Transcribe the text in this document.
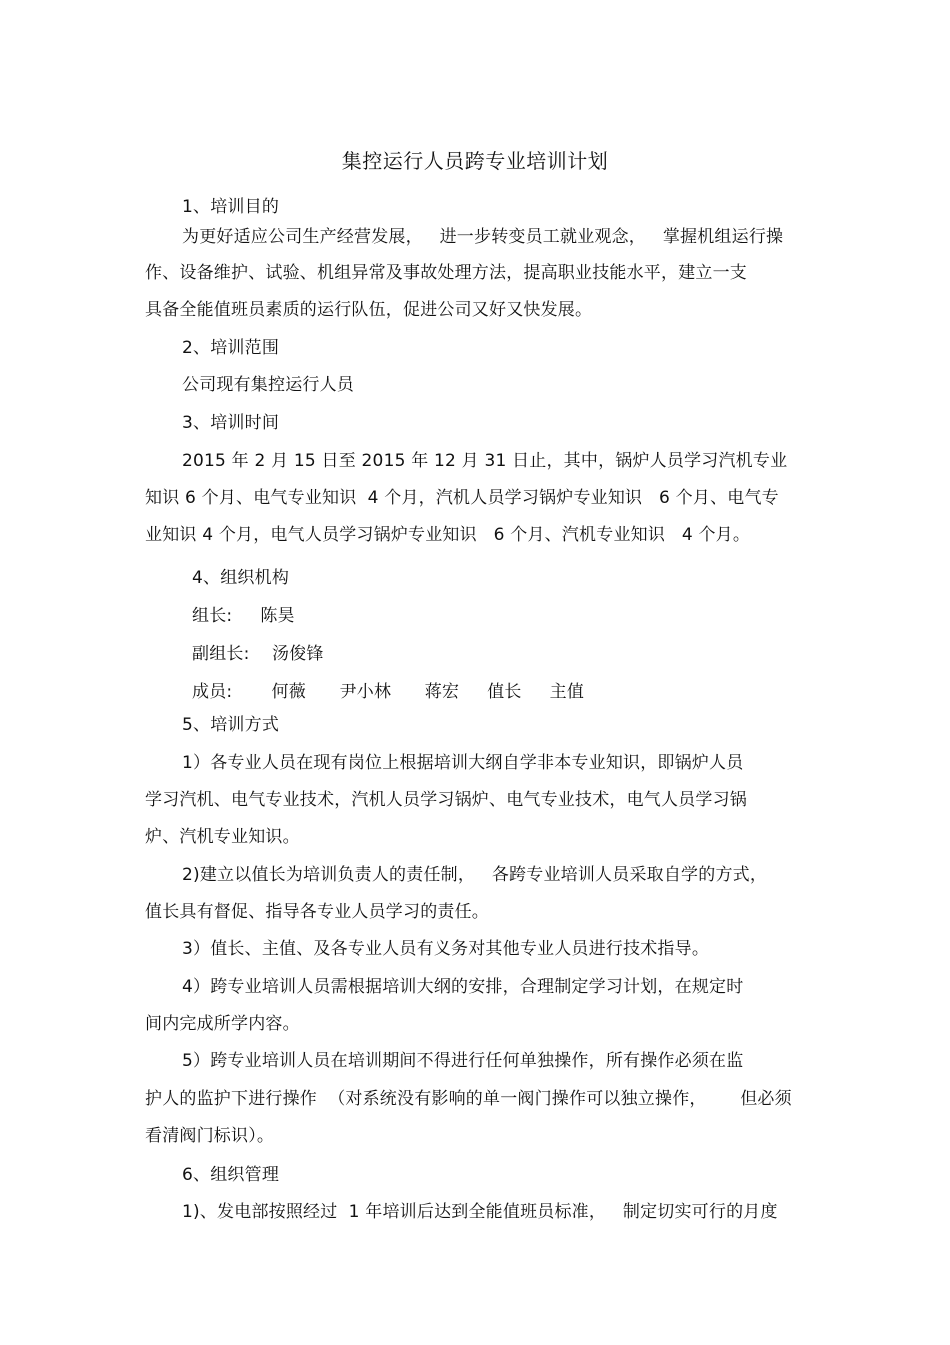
集控运行人员跨专业培训计划
1、培训目的
为更好适应公司生产经营发展，   进一步转变员工就业观念，   掌握机组运行操
作、设备维护、试验、机组异常及事故处理方法，提高职业技能水平，建立一支
具备全能值班员素质的运行队伍，促进公司又好又快发展。
2、培训范围
公司现有集控运行人员
3、培训时间
2015 年 2 月 15 日至 2015 年 12 月 31 日止，其中，锅炉人员学习汽机专业
知识 6 个月、电气专业知识  4 个月，汽机人员学习锅炉专业知识   6 个月、电气专
业知识 4 个月，电气人员学习锅炉专业知识   6 个月、汽机专业知识   4 个月。
4、组织机构
组长:     陈昊
副组长:    汤俊锋
成员:       何薇      尹小林      蒋宏     值长     主值
5、培训方式
1）各专业人员在现有岗位上根据培训大纲自学非本专业知识，即锅炉人员
学习汽机、电气专业技术，汽机人员学习锅炉、电气专业技术，电气人员学习锅
炉、汽机专业知识。
2)建立以值长为培训负责人的责任制，   各跨专业培训人员采取自学的方式，
值长具有督促、指导各专业人员学习的责任。
3）值长、主值、及各专业人员有义务对其他专业人员进行技术指导。
4）跨专业培训人员需根据培训大纲的安排，合理制定学习计划，在规定时
间内完成所学内容。
5）跨专业培训人员在培训期间不得进行任何单独操作，所有操作必须在监
护人的监护下进行操作  （对系统没有影响的单一阀门操作可以独立操作，      但必须
看清阀门标识）。
6、组织管理
1)、发电部按照经过  1 年培训后达到全能值班员标准，   制定切实可行的月度
